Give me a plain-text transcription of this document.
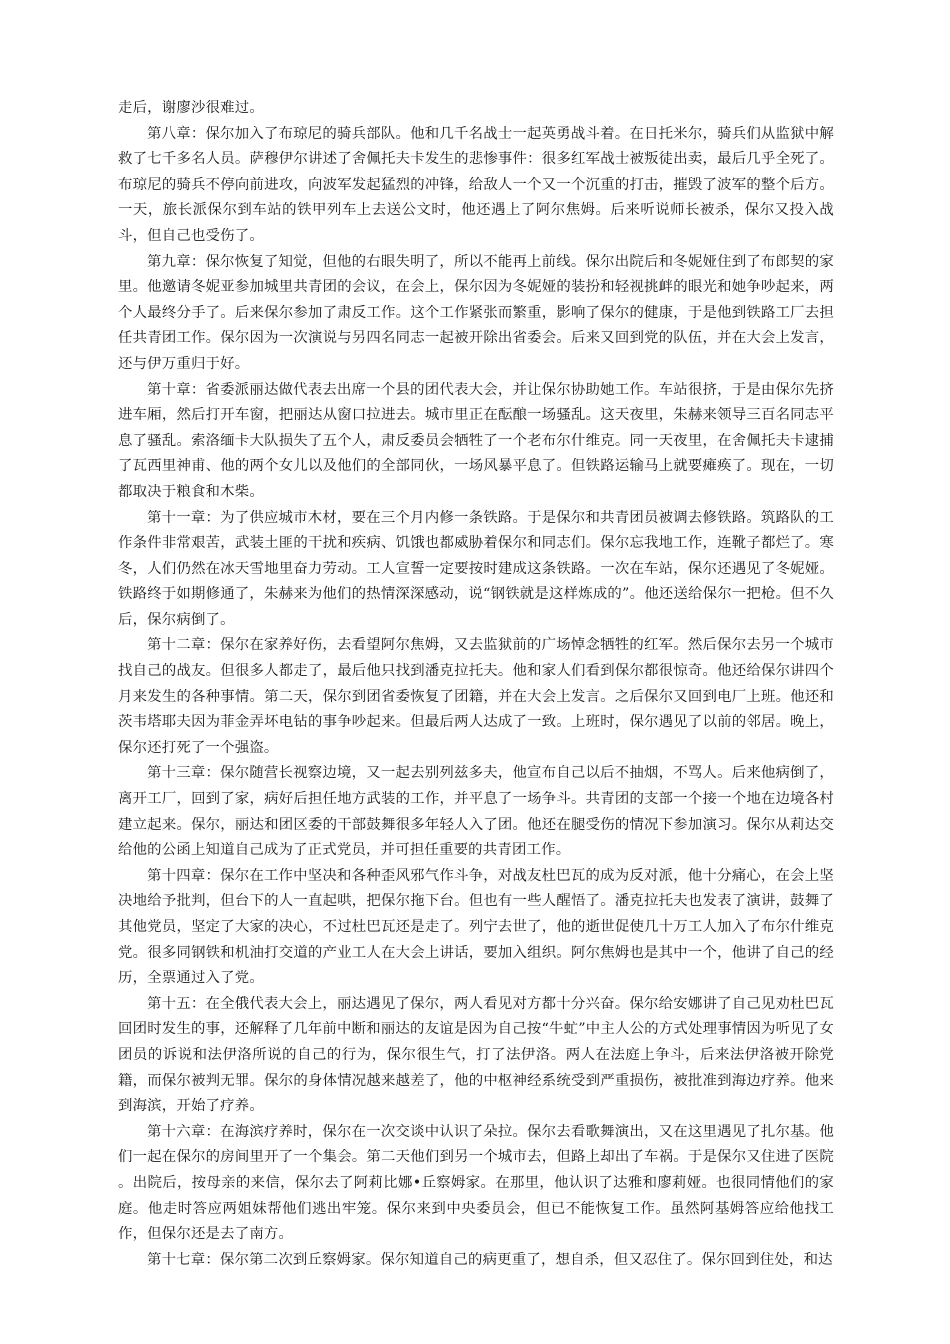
走后，谢廖沙很难过。

第八章：保尔加入了布琼尼的骑兵部队。他和几千名战士一起英勇战斗着。在日托米尔，骑兵们从监狱中解救了七千多名人员。萨穆伊尔讲述了舍佩托夫卡发生的悲惨事件：很多红军战士被叛徒出卖，最后几乎全死了。布琼尼的骑兵不停向前进攻，向波军发起猛烈的冲锋，给敌人一个又一个沉重的打击，摧毁了波军的整个后方。一天，旅长派保尔到车站的铁甲列车上去送公文时，他还遇上了阿尔焦姆。后来听说师长被杀，保尔又投入战斗，但自己也受伤了。

第九章：保尔恢复了知觉，但他的右眼失明了，所以不能再上前线。保尔出院后和冬妮娅住到了布郎契的家里。他邀请冬妮亚参加城里共青团的会议，在会上，保尔因为冬妮娅的装扮和轻视挑衅的眼光和她争吵起来，两个人最终分手了。后来保尔参加了肃反工作。这个工作紧张而繁重，影响了保尔的健康，于是他到铁路工厂去担任共青团工作。保尔因为一次演说与另四名同志一起被开除出省委会。后来又回到党的队伍，并在大会上发言，还与伊万重归于好。

第十章：省委派丽达做代表去出席一个县的团代表大会，并让保尔协助她工作。车站很挤，于是由保尔先挤进车厢，然后打开车窗，把丽达从窗口拉进去。城市里正在酝酿一场骚乱。这天夜里，朱赫来领导三百名同志平息了骚乱。索洛缅卡大队损失了五个人，肃反委员会牺牲了一个老布尔什维克。同一天夜里，在舍佩托夫卡逮捕了瓦西里神甫、他的两个女儿以及他们的全部同伙，一场风暴平息了。但铁路运输马上就要瘫痪了。现在，一切都取决于粮食和木柴。

第十一章：为了供应城市木材，要在三个月内修一条铁路。于是保尔和共青团员被调去修铁路。筑路队的工作条件非常艰苦，武装土匪的干扰和疾病、饥饿也都威胁着保尔和同志们。保尔忘我地工作，连靴子都烂了。寒冬，人们仍然在冰天雪地里奋力劳动。工人宣誓一定要按时建成这条铁路。一次在车站，保尔还遇见了冬妮娅。铁路终于如期修通了，朱赫来为他们的热情深深感动，说“钢铁就是这样炼成的”。他还送给保尔一把枪。但不久后，保尔病倒了。

第十二章：保尔在家养好伤，去看望阿尔焦姆，又去监狱前的广场悼念牺牲的红军。然后保尔去另一个城市找自己的战友。但很多人都走了，最后他只找到潘克拉托夫。他和家人们看到保尔都很惊奇。他还给保尔讲四个月来发生的各种事情。第二天，保尔到团省委恢复了团籍，并在大会上发言。之后保尔又回到电厂上班。他还和茨韦塔耶夫因为菲金弄坏电钻的事争吵起来。但最后两人达成了一致。上班时，保尔遇见了以前的邻居。晚上，保尔还打死了一个强盗。

第十三章：保尔随营长视察边境，又一起去别列兹多夫，他宣布自己以后不抽烟，不骂人。后来他病倒了，离开工厂，回到了家，病好后担任地方武装的工作，并平息了一场争斗。共青团的支部一个接一个地在边境各村建立起来。保尔，丽达和团区委的干部鼓舞很多年轻人入了团。他还在腿受伤的情况下参加演习。保尔从莉达交给他的公函上知道自己成为了正式党员，并可担任重要的共青团工作。

第十四章：保尔在工作中坚决和各种歪风邪气作斗争，对战友杜巴瓦的成为反对派，他十分痛心，在会上坚决地给予批判，但台下的人一直起哄，把保尔拖下台。但也有一些人醒悟了。潘克拉托夫也发表了演讲，鼓舞了其他党员，坚定了大家的决心，不过杜巴瓦还是走了。列宁去世了，他的逝世促使几十万工人加入了布尔什维克党。很多同钢铁和机油打交道的产业工人在大会上讲话，要加入组织。阿尔焦姆也是其中一个，他讲了自己的经历，全票通过入了党。

第十五：在全俄代表大会上，丽达遇见了保尔，两人看见对方都十分兴奋。保尔给安娜讲了自己见劝杜巴瓦回团时发生的事，还解释了几年前中断和丽达的友谊是因为自己按“牛虻”中主人公的方式处理事情因为听见了女团员的诉说和法伊洛所说的自己的行为，保尔很生气，打了法伊洛。两人在法庭上争斗，后来法伊洛被开除党籍，而保尔被判无罪。保尔的身体情况越来越差了，他的中枢神经系统受到严重损伤，被批准到海边疗养。他来到海滨，开始了疗养。

第十六章：在海滨疗养时，保尔在一次交谈中认识了朵拉。保尔去看歌舞演出，又在这里遇见了扎尔基。他们一起在保尔的房间里开了一个集会。第二天他们到另一个城市去，但路上却出了车祸。于是保尔又住进了医院 。出院后，按母亲的来信，保尔去了阿莉比娜•丘察姆家。在那里，他认识了达雅和廖莉娅。也很同情他们的家庭。他走时答应两姐妹帮他们逃出牢笼。保尔来到中央委员会，但已不能恢复工作。虽然阿基姆答应给他找工作，但保尔还是去了南方。

第十七章：保尔第二次到丘察姆家。保尔知道自己的病更重了，想自杀，但又忍住了。保尔回到住处，和达
